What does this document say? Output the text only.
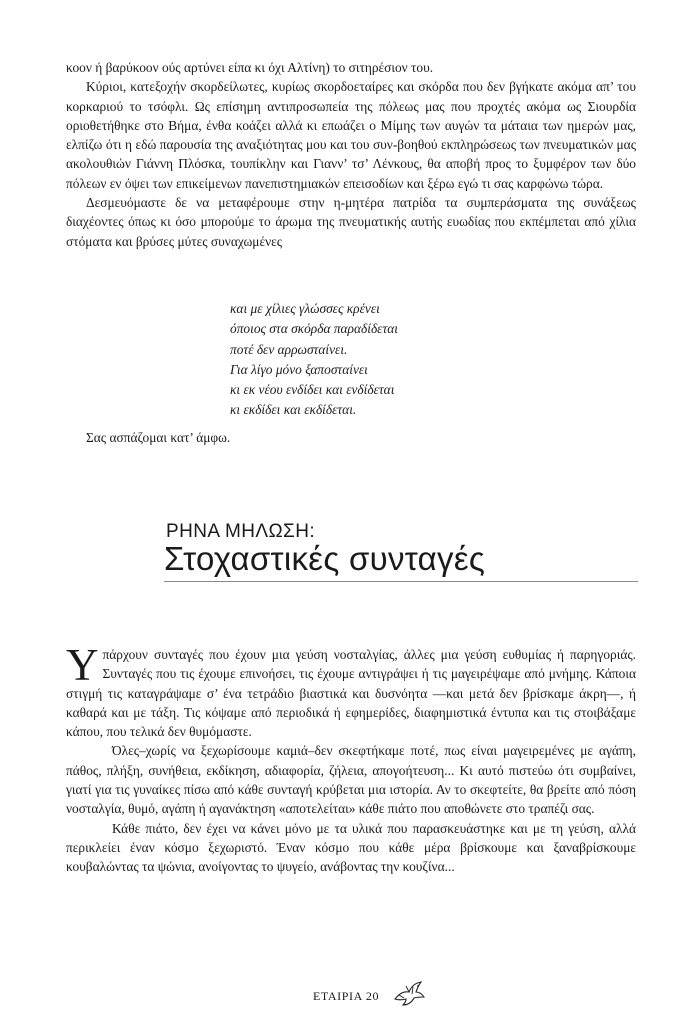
κοον ή βαρύκοον ούς αρτύνει είπα κι όχι Αλτίνη) το σιτηρέσιον του.

Κύριοι, κατεξοχήν σκορδείλωτες, κυρίως σκορδοεταίρες και σκόρδα που δεν βγήκατε ακόμα απ’ του κορκαριού το τσόφλι. Ως επίσημη αντιπροσωπεία της πόλεως μας που προχτές ακόμα ως Σιουρδία οριοθετήθηκε στο Βήμα, ένθα κοάζει αλλά κι επωάζει ο Μίμης των αυγών τα μάταια των ημερών μας, ελπίζω ότι η εδώ παρουσία της αναξιότητας μου και του συν-βοηθού εκπληρώσεως των πνευματικών μας ακολουθιών Γιάννη Πλόσκα, τουπίκλην και Γιανν’ τσ’ Λένκους, θα αποβή προς το ξυμφέρον των δύο πόλεων εν όψει των επικείμενων πανεπιστημιακών επεισοδίων και ξέρω εγώ τι σας καρφώνω τώρα.

Δεσμευόμαστε δε να μεταφέρουμε στην η-μητέρα πατρίδα τα συμπεράσματα της συνάξεως διαχέοντες όπως κι όσο μπορούμε το άρωμα της πνευματικής αυτής ευωδίας που εκπέμπεται από χίλια στόματα και βρύσες μύτες συναχωμένες

και με χίλιες γλώσσες κρένει
όποιος στα σκόρδα παραδίδεται
ποτέ δεν αρρωσταίνει.
Για λίγο μόνο ξαποσταίνει
κι εκ νέου ενδίδει και ενδίδεται
κι εκδίδει και εκδίδεται.
Σας ασπάζομαι κατ’ άμφω.
ΡΗΝΑ ΜΗΛΩΣΗ:
Στοχαστικές συνταγές

Υπάρχουν συνταγές που έχουν μια γεύση νοσταλγίας, άλλες μια γεύση ευθυμίας ή παρηγοριάς. Συνταγές που τις έχουμε επινοήσει, τις έχουμε αντιγράψει ή τις μαγειρέψαμε από μνήμης. Κάποια στιγμή τις καταγράψαμε σ’ ένα τετράδιο βιαστικά και δυσνόητα —και μετά δεν βρίσκαμε άκρη—, ή καθαρά και με τάξη. Τις κόψαμε από περιοδικά ή εφημερίδες, διαφημιστικά έντυπα και τις στοιβάξαμε κάπου, που τελικά δεν θυμόμαστε.

Όλες–χωρίς να ξεχωρίσουμε καμιά–δεν σκεφτήκαμε ποτέ, πως είναι μαγειρεμένες με αγάπη, πάθος, πλήξη, συνήθεια, εκδίκηση, αδιαφορία, ζήλεια, απογοήτευση... Κι αυτό πιστεύω ότι συμβαίνει, γιατί για τις γυναίκες πίσω από κάθε συνταγή κρύβεται μια ιστορία. Αν το σκεφτείτε, θα βρείτε από πόση νοσταλγία, θυμό, αγάπη ή αγανάκτηση «αποτελείται» κάθε πιάτο που αποθώνετε στο τραπέζι σας.

Κάθε πιάτο, δεν έχει να κάνει μόνο με τα υλικά που παρασκευάστηκε και με τη γεύση, αλλά περικλείει έναν κόσμο ξεχωριστό. Έναν κόσμο που κάθε μέρα βρίσκουμε και ξαναβρίσκουμε κουβαλώντας τα ψώνια, ανοίγοντας το ψυγείο, ανάβοντας την κουζίνα...

ΕΤΑΙΡΙΑ 20
